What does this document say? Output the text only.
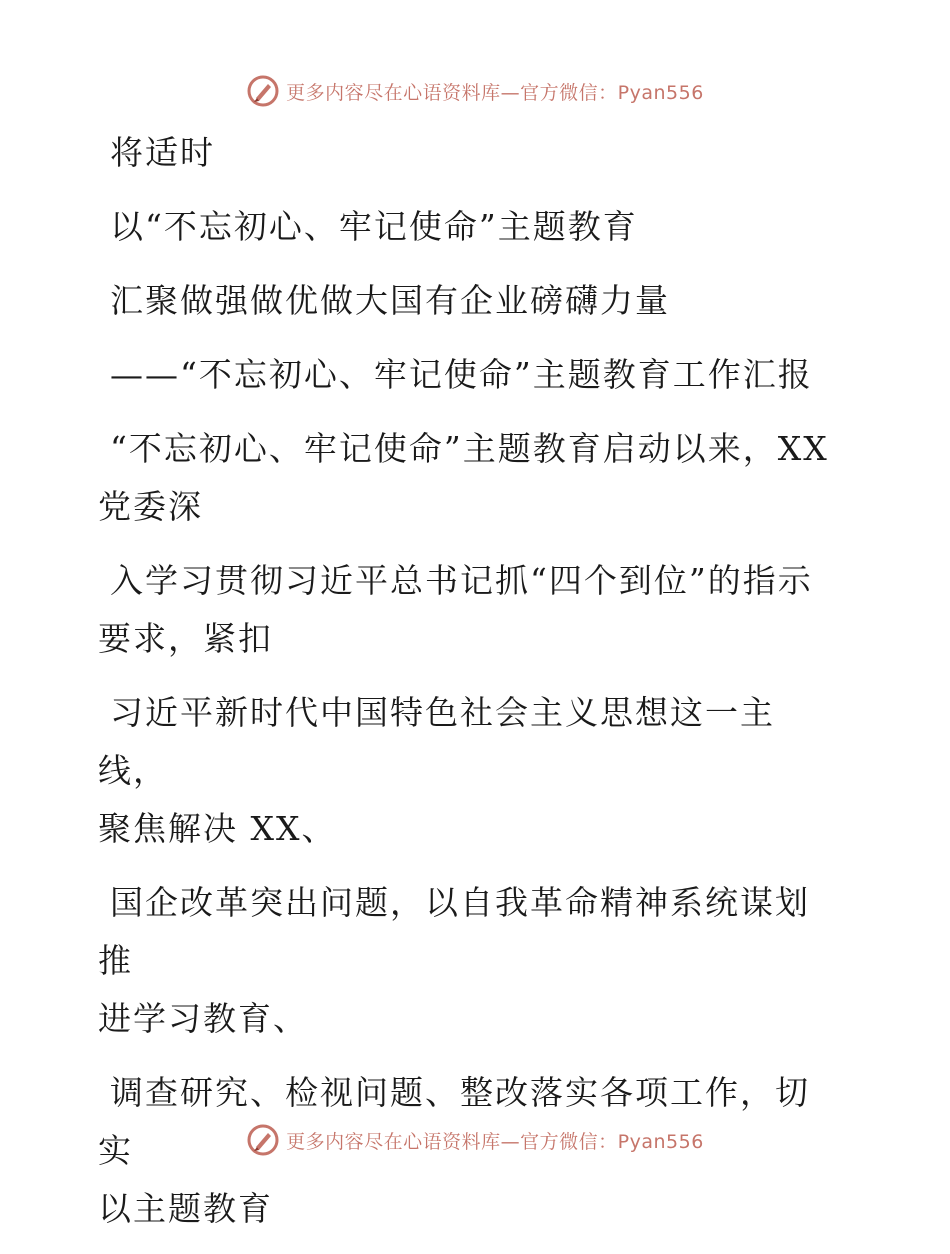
更多内容尽在心语资料库—官方微信：Pyan556

将适时

以“不忘初心、牢记使命”主题教育

汇聚做强做优做大国有企业磅礴力量

——“不忘初心、牢记使命”主题教育工作汇报

“不忘初心、牢记使命”主题教育启动以来，XX
党委深

入学习贯彻习近平总书记抓“四个到位”的指示
要求，紧扣

习近平新时代中国特色社会主义思想这一主线，
聚焦解决 XX、

国企改革突出问题，以自我革命精神系统谋划推
进学习教育、

调查研究、检视问题、整改落实各项工作，切实
以主题教育

更多内容尽在心语资料库—官方微信：Pyan556
